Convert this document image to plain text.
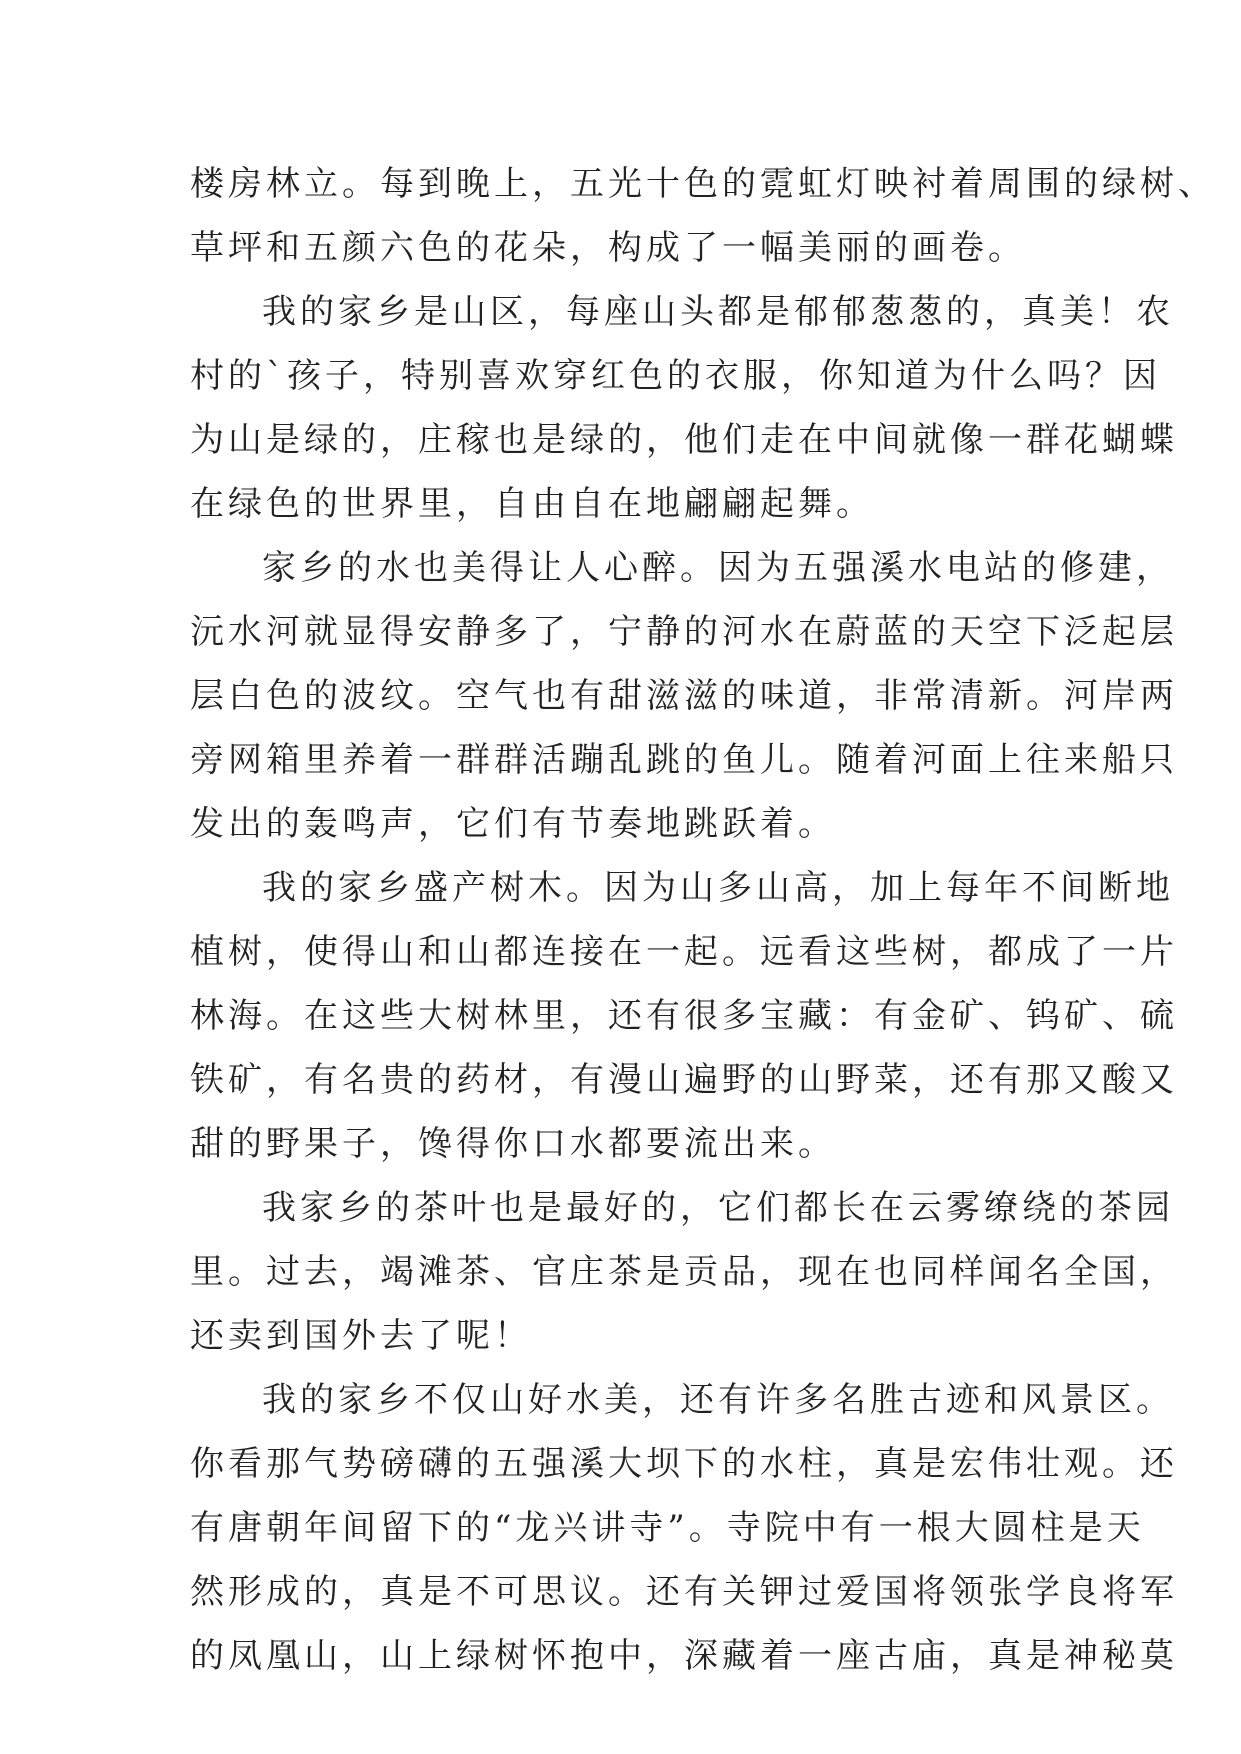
楼房林立。每到晚上，五光十色的霓虹灯映衬着周围的绿树、
草坪和五颜六色的花朵，构成了一幅美丽的画卷。
我的家乡是山区，每座山头都是郁郁葱葱的，真美！农
村的`孩子，特别喜欢穿红色的衣服，你知道为什么吗？因
为山是绿的，庄稼也是绿的，他们走在中间就像一群花蝴蝶
在绿色的世界里，自由自在地翩翩起舞。
家乡的水也美得让人心醉。因为五强溪水电站的修建，
沅水河就显得安静多了，宁静的河水在蔚蓝的天空下泛起层
层白色的波纹。空气也有甜滋滋的味道，非常清新。河岸两
旁网箱里养着一群群活蹦乱跳的鱼儿。随着河面上往来船只
发出的轰鸣声，它们有节奏地跳跃着。
我的家乡盛产树木。因为山多山高，加上每年不间断地
植树，使得山和山都连接在一起。远看这些树，都成了一片
林海。在这些大树林里，还有很多宝藏：有金矿、钨矿、硫
铁矿，有名贵的药材，有漫山遍野的山野菜，还有那又酸又
甜的野果子，馋得你口水都要流出来。
我家乡的茶叶也是最好的，它们都长在云雾缭绕的茶园
里。过去，竭滩茶、官庄茶是贡品，现在也同样闻名全国，
还卖到国外去了呢！
我的家乡不仅山好水美，还有许多名胜古迹和风景区。
你看那气势磅礴的五强溪大坝下的水柱，真是宏伟壮观。还
有唐朝年间留下的“龙兴讲寺”。寺院中有一根大圆柱是天
然形成的，真是不可思议。还有关钾过爱国将领张学良将军
的凤凰山，山上绿树怀抱中，深藏着一座古庙，真是神秘莫
